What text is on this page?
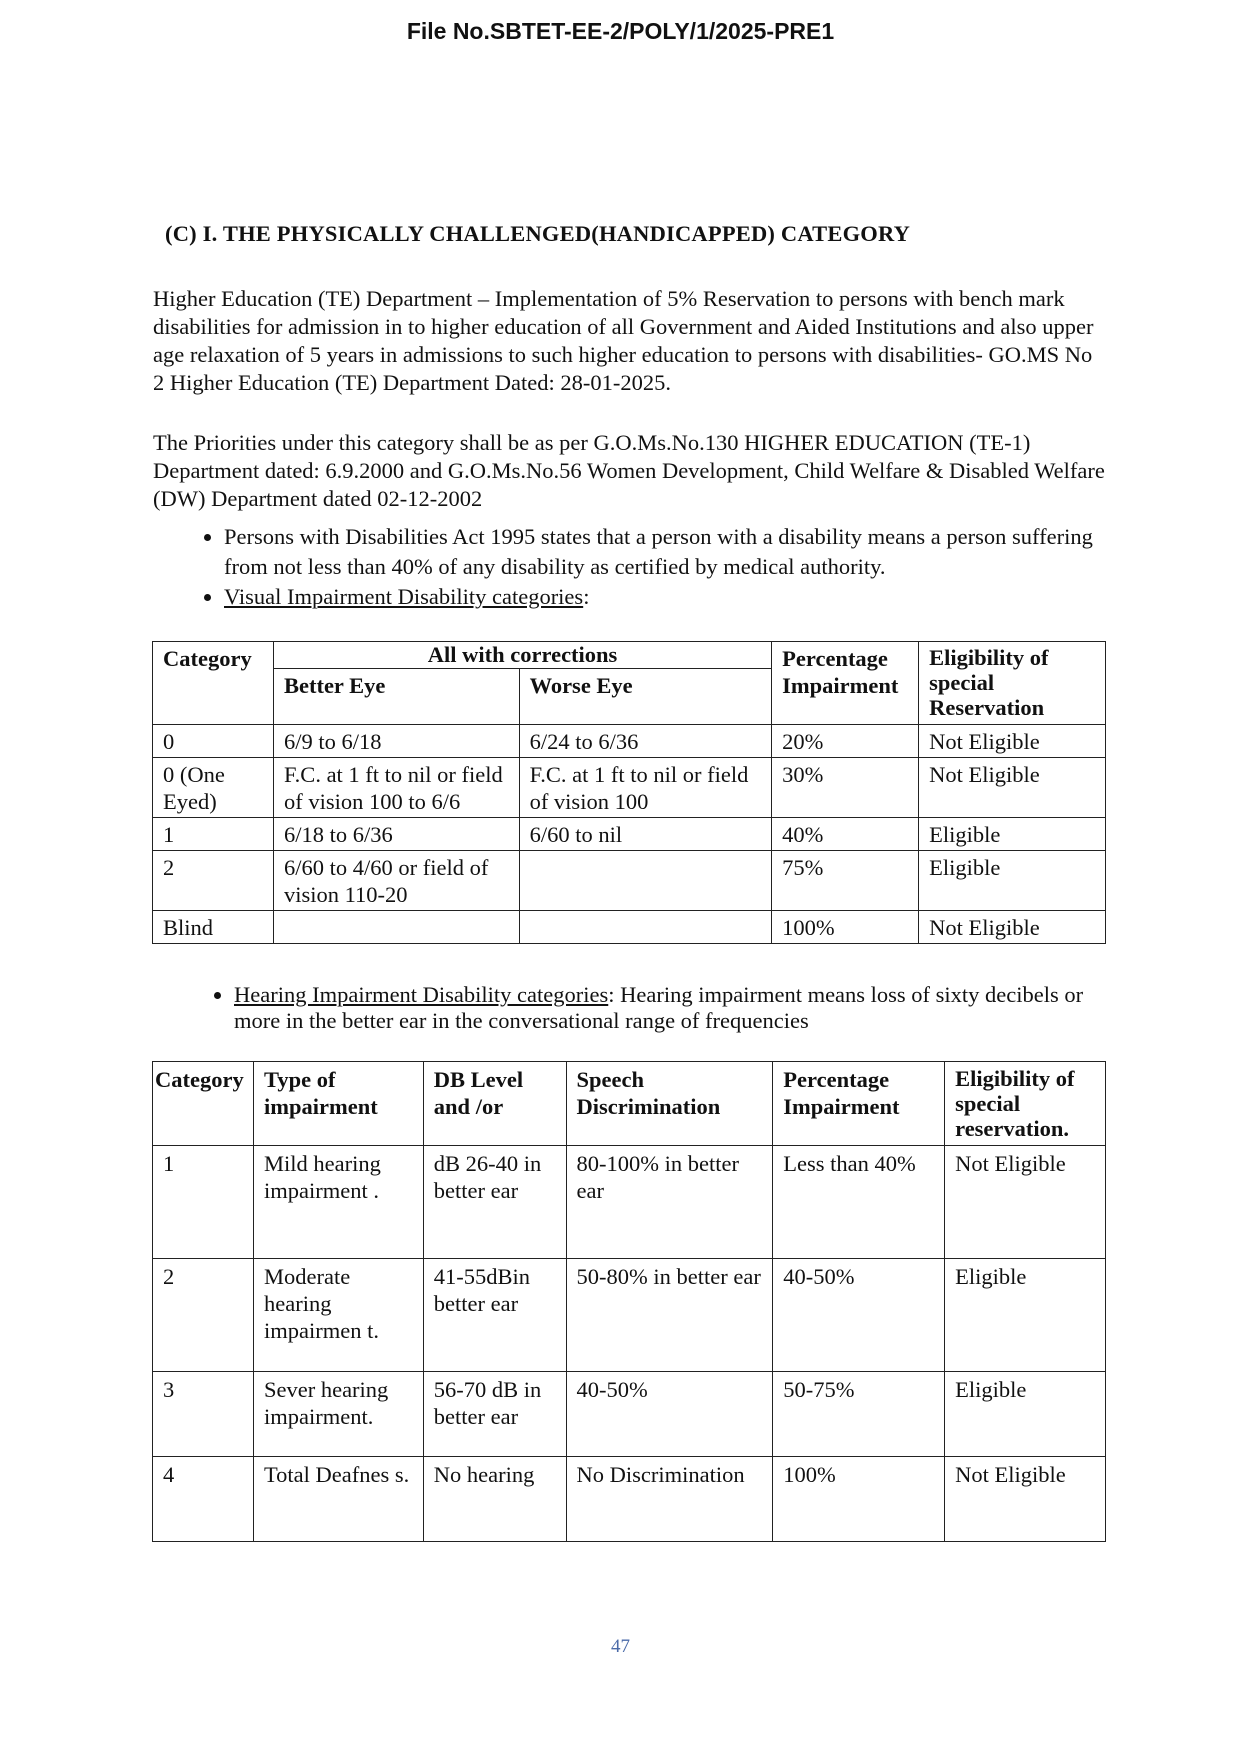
File No.SBTET-EE-2/POLY/1/2025-PRE1
(C) I. THE PHYSICALLY CHALLENGED(HANDICAPPED) CATEGORY

Higher Education (TE) Department – Implementation of 5% Reservation to persons with bench mark disabilities for admission in to higher education of all Government and Aided Institutions and also upper age relaxation of 5 years in admissions to such higher education to persons with disabilities- GO.MS No 2 Higher Education (TE) Department Dated: 28-01-2025.

The Priorities under this category shall be as per G.O.Ms.No.130 HIGHER EDUCATION (TE-1) Department dated: 6.9.2000 and G.O.Ms.No.56 Women Development, Child Welfare & Disabled Welfare (DW) Department dated 02-12-2002

• Persons with Disabilities Act 1995 states that a person with a disability means a person suffering from not less than 40% of any disability as certified by medical authority.
• Visual Impairment Disability categories:
Category	All with corrections		Percentage Impairment	Eligibility of special Reservation
	Better Eye	Worse Eye		
0	6/9 to 6/18	6/24 to 6/36	20%	Not Eligible
0 (One Eyed)	F.C. at 1 ft to nil or field of vision 100 to 6/6	F.C. at 1 ft to nil or field of vision 100	30%	Not Eligible
1	6/18 to 6/36	6/60 to nil	40%	Eligible
2	6/60 to 4/60 or field of vision 110-20		75%	Eligible
Blind			100%	Not Eligible
• Hearing Impairment Disability categories: Hearing impairment means loss of sixty decibels or more in the better ear in the conversational range of frequencies
Category	Type of impairment	DB Level and /or	Speech Discrimination	Percentage Impairment	Eligibility of special reservation.
1	Mild hearing impairment .	dB 26-40 in better ear	80-100% in better ear	Less than 40%	Not Eligible
2	Moderate hearing impairmen t.	41-55dBin better ear	50-80% in better ear	40-50%	Eligible
3	Sever hearing impairment.	56-70 dB in better ear	40-50%	50-75%	Eligible
4	Total Deafnes s.	No hearing	No Discrimination	100%	Not Eligible
47
